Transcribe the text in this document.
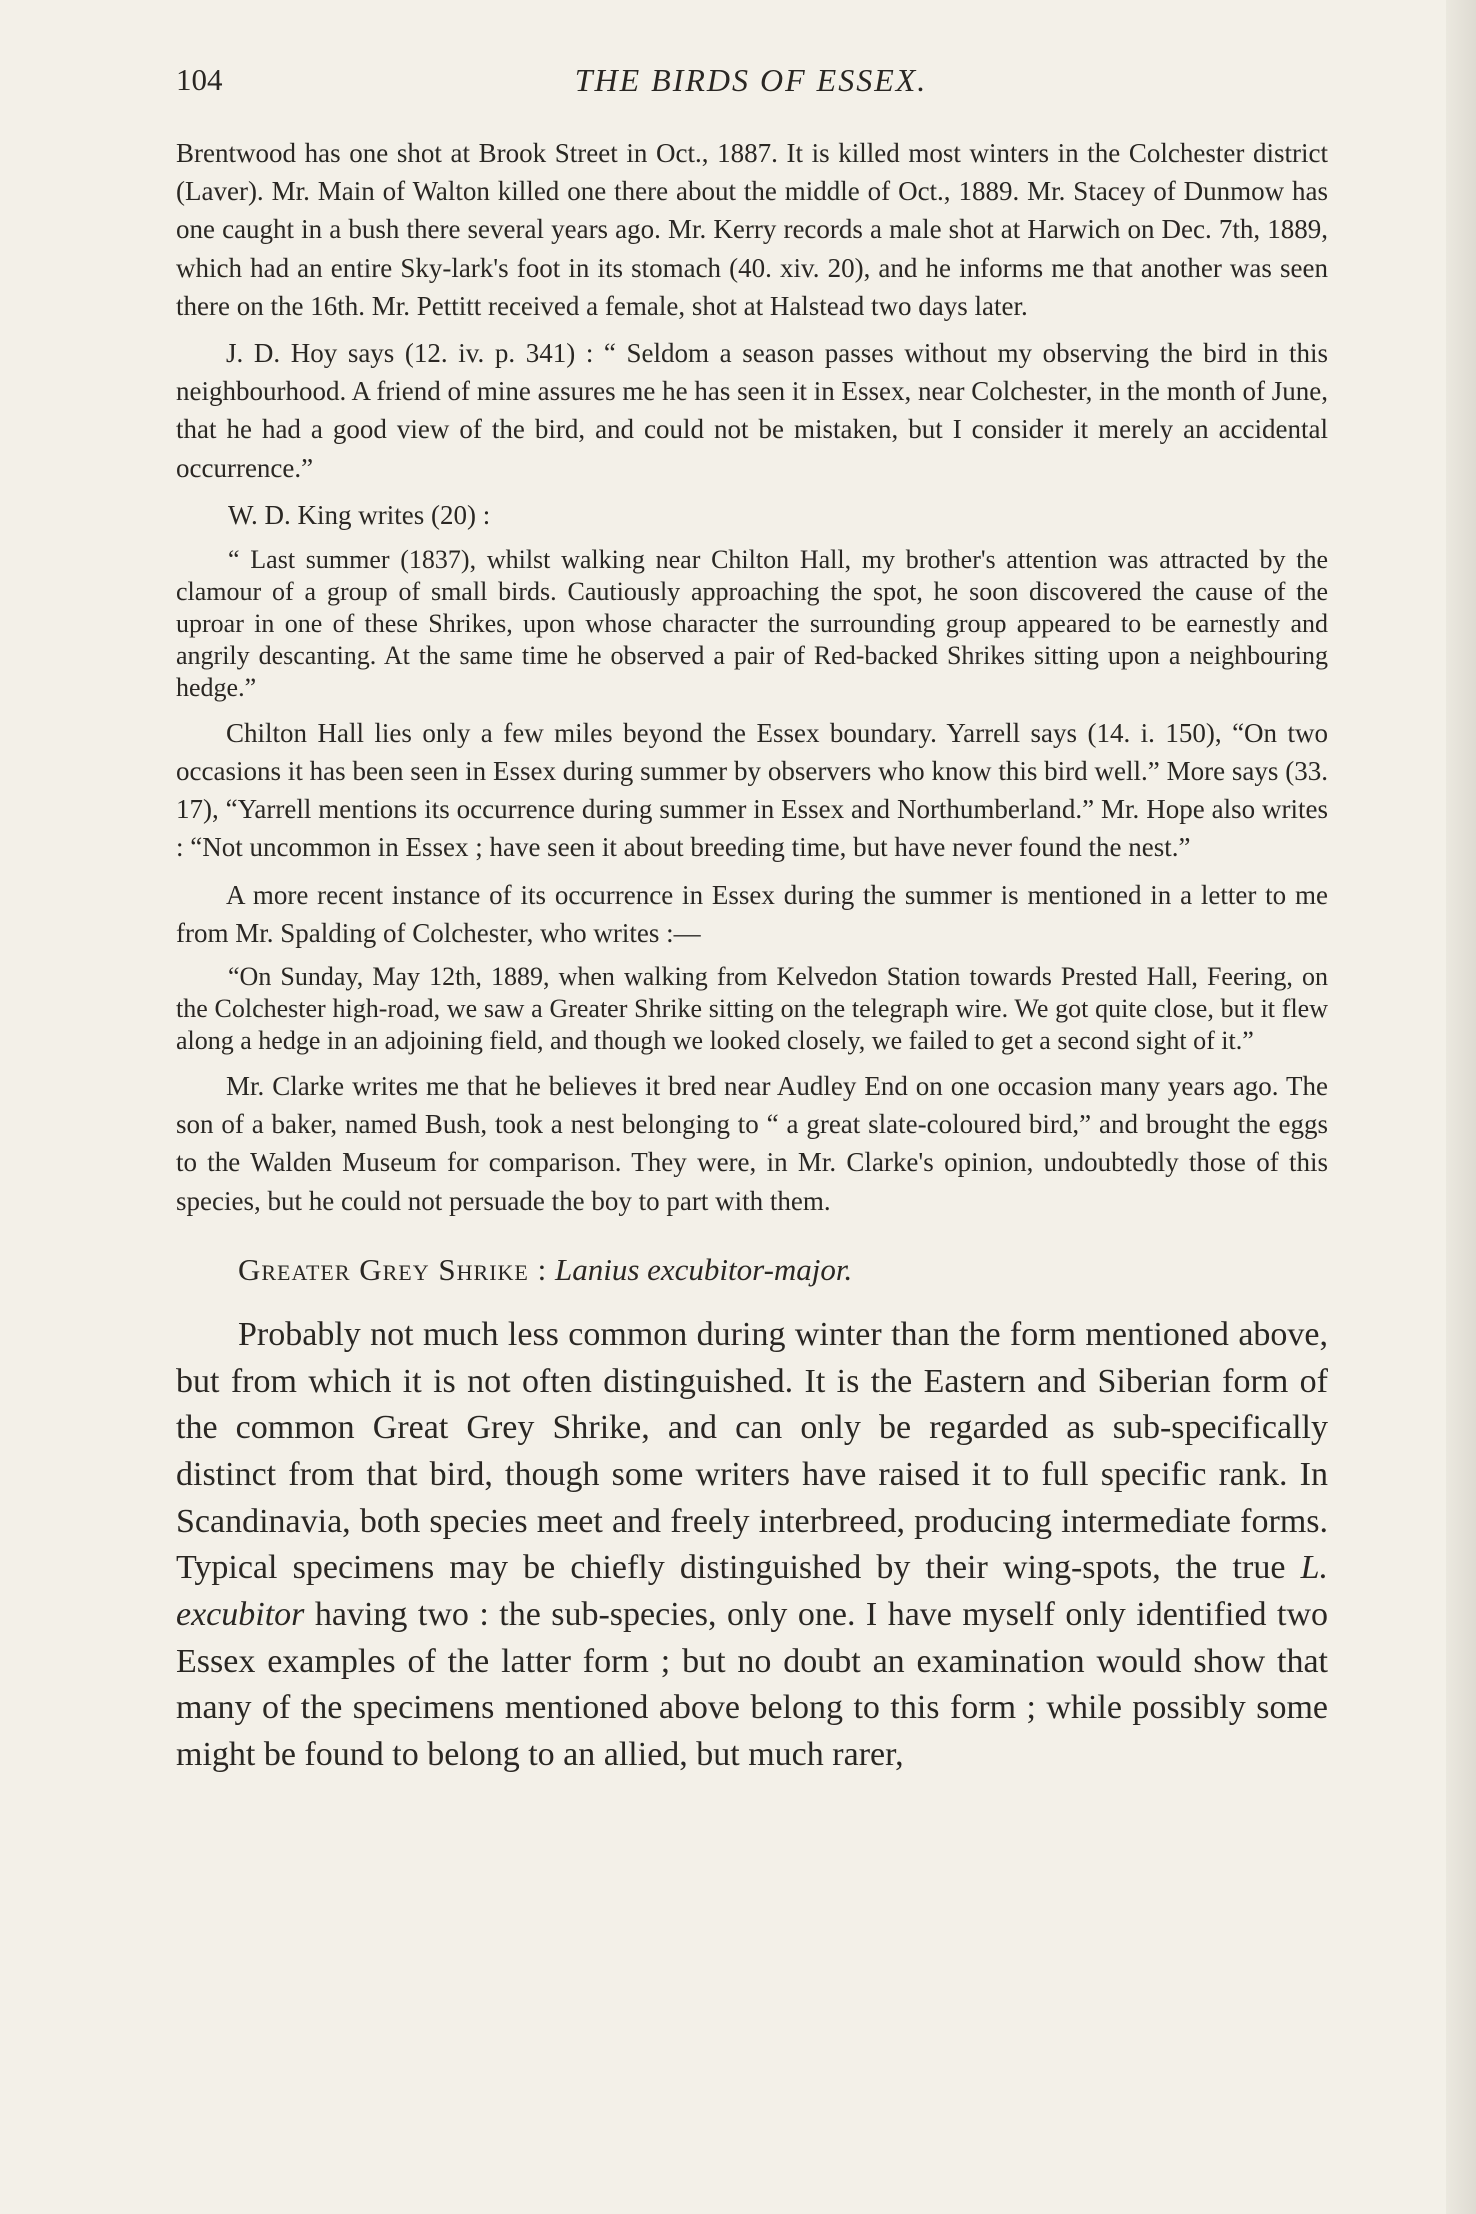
104	THE BIRDS OF ESSEX.

Brentwood has one shot at Brook Street in Oct., 1887. It is killed most winters in the Colchester district (Laver). Mr. Main of Walton killed one there about the middle of Oct., 1889. Mr. Stacey of Dunmow has one caught in a bush there several years ago. Mr. Kerry records a male shot at Harwich on Dec. 7th, 1889, which had an entire Sky-lark's foot in its stomach (40. xiv. 20), and he informs me that another was seen there on the 16th. Mr. Pettitt received a female, shot at Halstead two days later.

J. D. Hoy says (12. iv. p. 341) : “ Seldom a season passes without my observing the bird in this neighbourhood. A friend of mine assures me he has seen it in Essex, near Colchester, in the month of June, that he had a good view of the bird, and could not be mistaken, but I consider it merely an accidental occurrence.”

W. D. King writes (20) :

“ Last summer (1837), whilst walking near Chilton Hall, my brother's attention was attracted by the clamour of a group of small birds. Cautiously approaching the spot, he soon discovered the cause of the uproar in one of these Shrikes, upon whose character the surrounding group appeared to be earnestly and angrily descanting. At the same time he observed a pair of Red-backed Shrikes sitting upon a neighbouring hedge.”

Chilton Hall lies only a few miles beyond the Essex boundary. Yarrell says (14. i. 150), “On two occasions it has been seen in Essex during summer by observers who know this bird well.” More says (33. 17), “Yarrell mentions its occurrence during summer in Essex and Northumberland.” Mr. Hope also writes : “Not uncommon in Essex ; have seen it about breeding time, but have never found the nest.”

A more recent instance of its occurrence in Essex during the summer is mentioned in a letter to me from Mr. Spalding of Colchester, who writes :—

“On Sunday, May 12th, 1889, when walking from Kelvedon Station towards Prested Hall, Feering, on the Colchester high-road, we saw a Greater Shrike sitting on the telegraph wire. We got quite close, but it flew along a hedge in an adjoining field, and though we looked closely, we failed to get a second sight of it.”

Mr. Clarke writes me that he believes it bred near Audley End on one occasion many years ago. The son of a baker, named Bush, took a nest belonging to “ a great slate-coloured bird,” and brought the eggs to the Walden Museum for comparison. They were, in Mr. Clarke's opinion, undoubtedly those of this species, but he could not persuade the boy to part with them.

Greater Grey Shrike : Lanius excubitor-major.

Probably not much less common during winter than the form mentioned above, but from which it is not often distinguished. It is the Eastern and Siberian form of the common Great Grey Shrike, and can only be regarded as sub-specifically distinct from that bird, though some writers have raised it to full specific rank. In Scandinavia, both species meet and freely interbreed, producing intermediate forms. Typical specimens may be chiefly distinguished by their wing-spots, the true L. excubitor having two : the sub-species, only one. I have myself only identified two Essex examples of the latter form ; but no doubt an examination would show that many of the specimens mentioned above belong to this form ; while possibly some might be found to belong to an allied, but much rarer,
